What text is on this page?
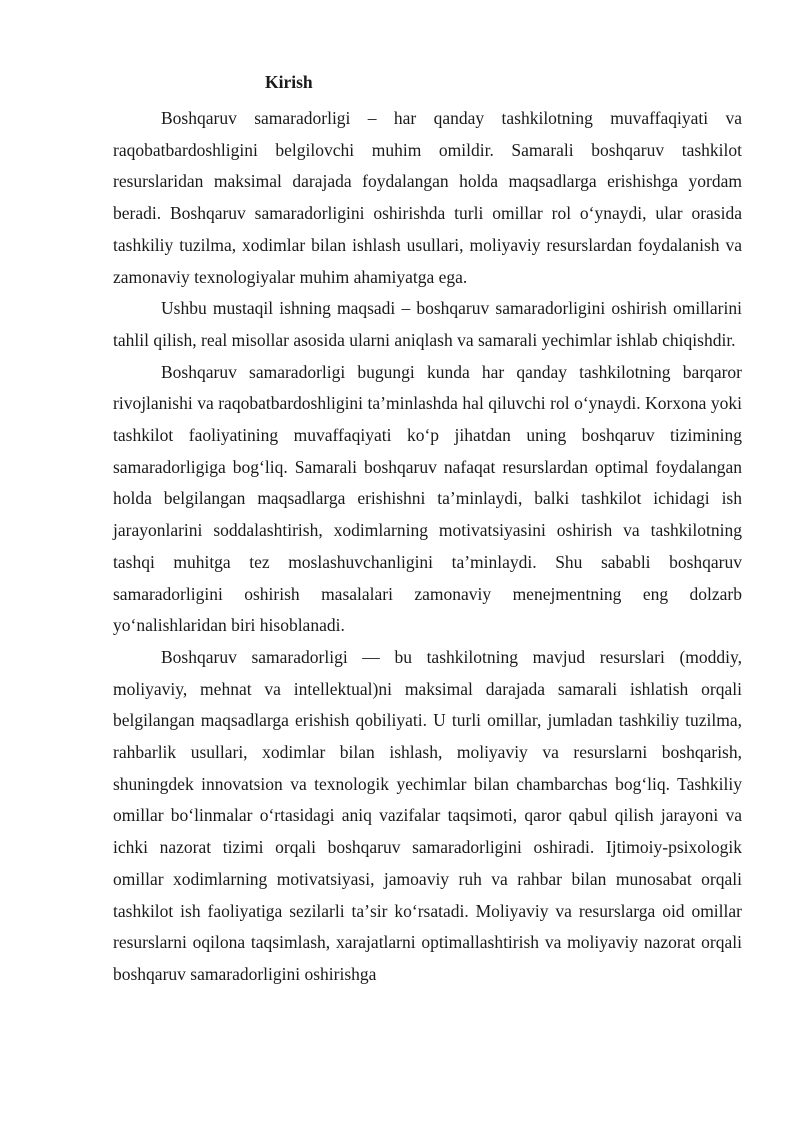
Kirish

Boshqaruv samaradorligi – har qanday tashkilotning muvaffaqiyati va raqobatbardoshligini belgilovchi muhim omildir. Samarali boshqaruv tashkilot resurslaridan maksimal darajada foydalangan holda maqsadlarga erishishga yordam beradi. Boshqaruv samaradorligini oshirishda turli omillar rol oʻynaydi, ular orasida tashkiliy tuzilma, xodimlar bilan ishlash usullari, moliyaviy resurslardan foydalanish va zamonaviy texnologiyalar muhim ahamiyatga ega.

Ushbu mustaqil ishning maqsadi – boshqaruv samaradorligini oshirish omillarini tahlil qilish, real misollar asosida ularni aniqlash va samarali yechimlar ishlab chiqishdir.

Boshqaruv samaradorligi bugungi kunda har qanday tashkilotning barqaror rivojlanishi va raqobatbardoshligini taʼminlashda hal qiluvchi rol oʻynaydi. Korxona yoki tashkilot faoliyatining muvaffaqiyati koʻp jihatdan uning boshqaruv tizimining samaradorligiga bogʻliq. Samarali boshqaruv nafaqat resurslardan optimal foydalangan holda belgilangan maqsadlarga erishishni taʼminlaydi, balki tashkilot ichidagi ish jarayonlarini soddalashtirish, xodimlarning motivatsiyasini oshirish va tashkilotning tashqi muhitga tez moslashuvchanligini taʼminlaydi. Shu sababli boshqaruv samaradorligini oshirish masalalari zamonaviy menejmentning eng dolzarb yoʻnalishlaridan biri hisoblanadi.

Boshqaruv samaradorligi — bu tashkilotning mavjud resurslari (moddiy, moliyaviy, mehnat va intellektual)ni maksimal darajada samarali ishlatish orqali belgilangan maqsadlarga erishish qobiliyati. U turli omillar, jumladan tashkiliy tuzilma, rahbarlik usullari, xodimlar bilan ishlash, moliyaviy va resurslarni boshqarish, shuningdek innovatsion va texnologik yechimlar bilan chambarchas bogʻliq. Tashkiliy omillar boʻlinmalar oʻrtasidagi aniq vazifalar taqsimoti, qaror qabul qilish jarayoni va ichki nazorat tizimi orqali boshqaruv samaradorligini oshiradi. Ijtimoiy-psixologik omillar xodimlarning motivatsiyasi, jamoaviy ruh va rahbar bilan munosabat orqali tashkilot ish faoliyatiga sezilarli taʼsir koʻrsatadi. Moliyaviy va resurslarga oid omillar resurslarni oqilona taqsimlash, xarajatlarni optimallashtirish va moliyaviy nazorat orqali boshqaruv samaradorligini oshirishga
